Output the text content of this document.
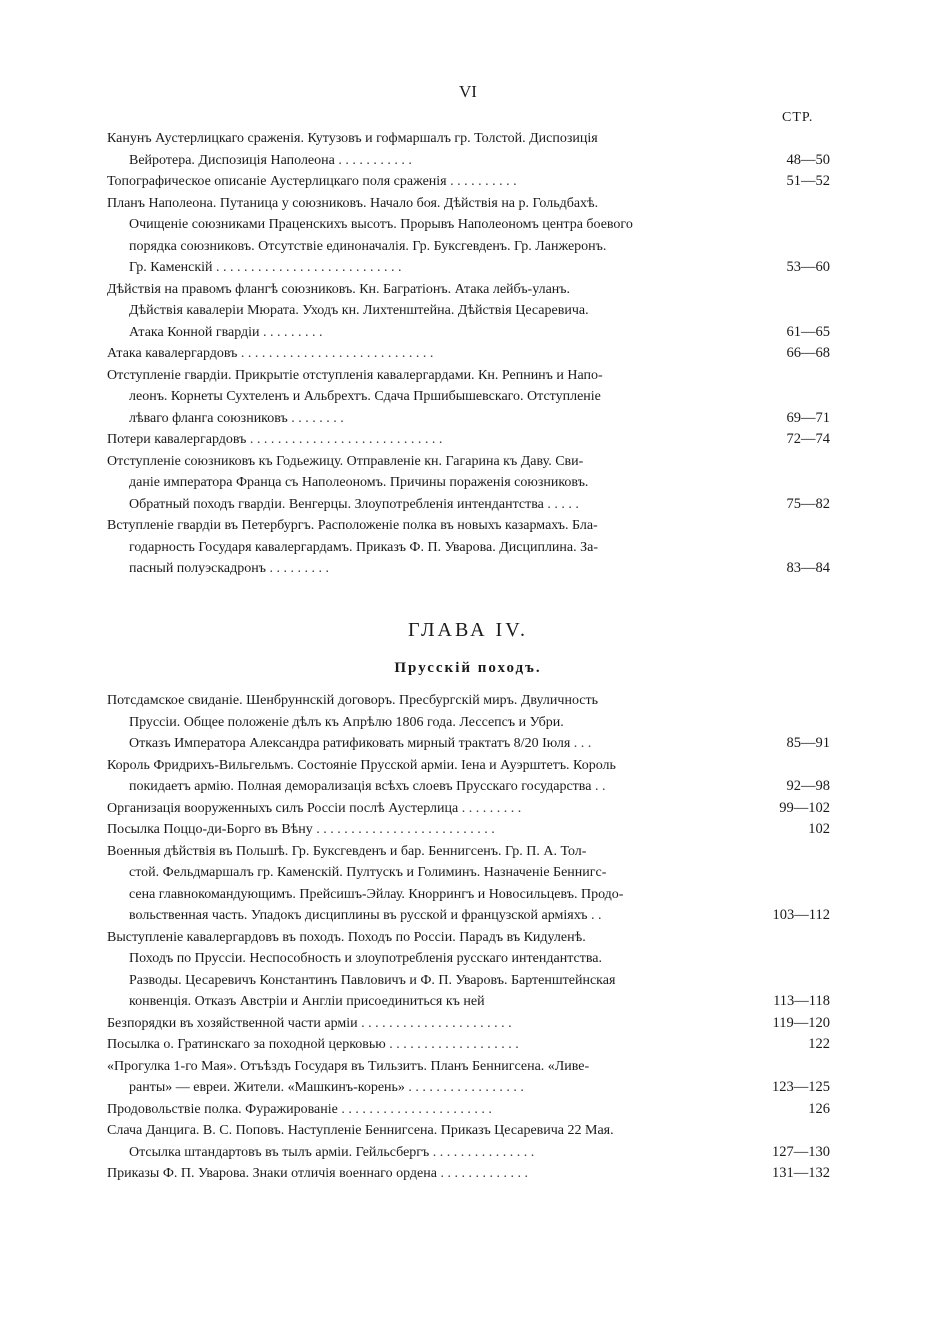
VI
СТР.
Канунъ Аустерлицкаго сраженія. Кутузовъ и гофмаршалъ гр. Толстой. Диспозиція
Вейротера. Диспозиція Наполеона . . . . . . . . . . .	48—50
Топографическое описаніе Аустерлицкаго поля сраженія . . . . . . . . . .	51—52
Планъ Наполеона. Путаница у союзниковъ. Начало боя. Дѣйствія на р. Гольдбахѣ.
Очищеніе союзниками Праценскихъ высотъ. Прорывъ Наполеономъ центра боевого
порядка союзниковъ. Отсутствіе единоначалія. Гр. Буксгевденъ. Гр. Ланжеронъ.
Гр. Каменскій . . . . . . . . . . . . . . . . . . . . . . . . . . .	53—60
Дѣйствія на правомъ флангѣ союзниковъ. Кн. Багратіонъ. Атака лейбъ-уланъ.
Дѣйствія кавалеріи Мюрата. Уходъ кн. Лихтенштейна. Дѣйствія Цесаревича.
Атака Конной гвардіи . . . . . . . . .	61—65
Атака кавалергардовъ . . . . . . . . . . . . . . . . . . . . . . . . . . . .	66—68
Отступленіе гвардіи. Прикрытіе отступленія кавалергардами. Кн. Репнинъ и Напо-
леонъ. Корнеты Сухтеленъ и Альбрехтъ. Сдача Пршибышевскаго. Отступленіе
лѣваго фланга союзниковъ . . . . . . . .	69—71
Потери кавалергардовъ . . . . . . . . . . . . . . . . . . . . . . . . . . . .	72—74
Отступленіе союзниковъ къ Годьежицу. Отправленіе кн. Гагарина къ Даву. Сви-
даніе императора Франца съ Наполеономъ. Причины пораженія союзниковъ.
Обратный походъ гвардіи. Венгерцы. Злоупотребленія интендантства . . . . .	75—82
Вступленіе гвардіи въ Петербургъ. Расположеніе полка въ новыхъ казармахъ. Бла-
годарность Государя кавалергардамъ. Приказъ Ф. П. Уварова. Дисциплина. За-
пасный полуэскадронъ . . . . . . . . .	83—84
ГЛАВА IV.
Прусскій походъ.
Потсдамское свиданіе. Шенбруннскій договоръ. Пресбургскій миръ. Двуличность
Пруссіи. Общее положеніе дѣлъ къ Апрѣлю 1806 года. Лессепсъ и Убри.
Отказъ Императора Александра ратификовать мирный трактатъ 8/20 Іюля . . .	85—91
Король Фридрихъ-Вильгельмъ. Состояніе Прусской арміи. Іена и Ауэрштетъ. Король
покидаетъ армію. Полная деморализація всѣхъ слоевъ Прусскаго государства . .	92—98
Организація вооруженныхъ силъ Россіи послѣ Аустерлица . . . . . . . . .	99—102
Посылка Поццо-ди-Борго въ Вѣну . . . . . . . . . . . . . . . . . . . . . . . . . .	102
Военныя дѣйствія въ Польшѣ. Гр. Буксгевденъ и бар. Беннигсенъ. Гр. П. А. Тол-
стой. Фельдмаршалъ гр. Каменскій. Пултускъ и Голиминъ. Назначеніе Беннигс-
сена главнокомандующимъ. Прейсишъ-Эйлау. Кноррингъ и Новосильцевъ. Продо-
вольственная часть. Упадокъ дисциплины въ русской и французской арміяхъ . .	103—112
Выступленіе кавалергардовъ въ походъ. Походъ по Россіи. Парадъ въ Кидуленѣ.
Походъ по Пруссіи. Неспособность и злоупотребленія русскаго интендантства.
Разводы. Цесаревичъ Константинъ Павловичъ и Ф. П. Уваровъ. Бартенштейнская
конвенція. Отказъ Австріи и Англіи присоединиться къ ней	113—118
Безпорядки въ хозяйственной части арміи . . . . . . . . . . . . . . . . . . . . . .	119—120
Посылка о. Гратинскаго за походной церковью . . . . . . . . . . . . . . . . . . .	122
«Прогулка 1-го Мая». Отъѣздъ Государя въ Тильзитъ. Планъ Беннигсена. «Ливе-
ранты» — евреи. Жители. «Машкинъ-корень» . . . . . . . . . . . . . . . . .	123—125
Продовольствіе полка. Фуражированіе . . . . . . . . . . . . . . . . . . . . . .	126
Слача Данцига. В. С. Поповъ. Наступленіе Беннигсена. Приказъ Цесаревича 22 Мая.
Отсылка штандартовъ въ тылъ арміи. Гейльсбергъ . . . . . . . . . . . . . . .	127—130
Приказы Ф. П. Уварова. Знаки отличія военнаго ордена . . . . . . . . . . . . .	131—132
